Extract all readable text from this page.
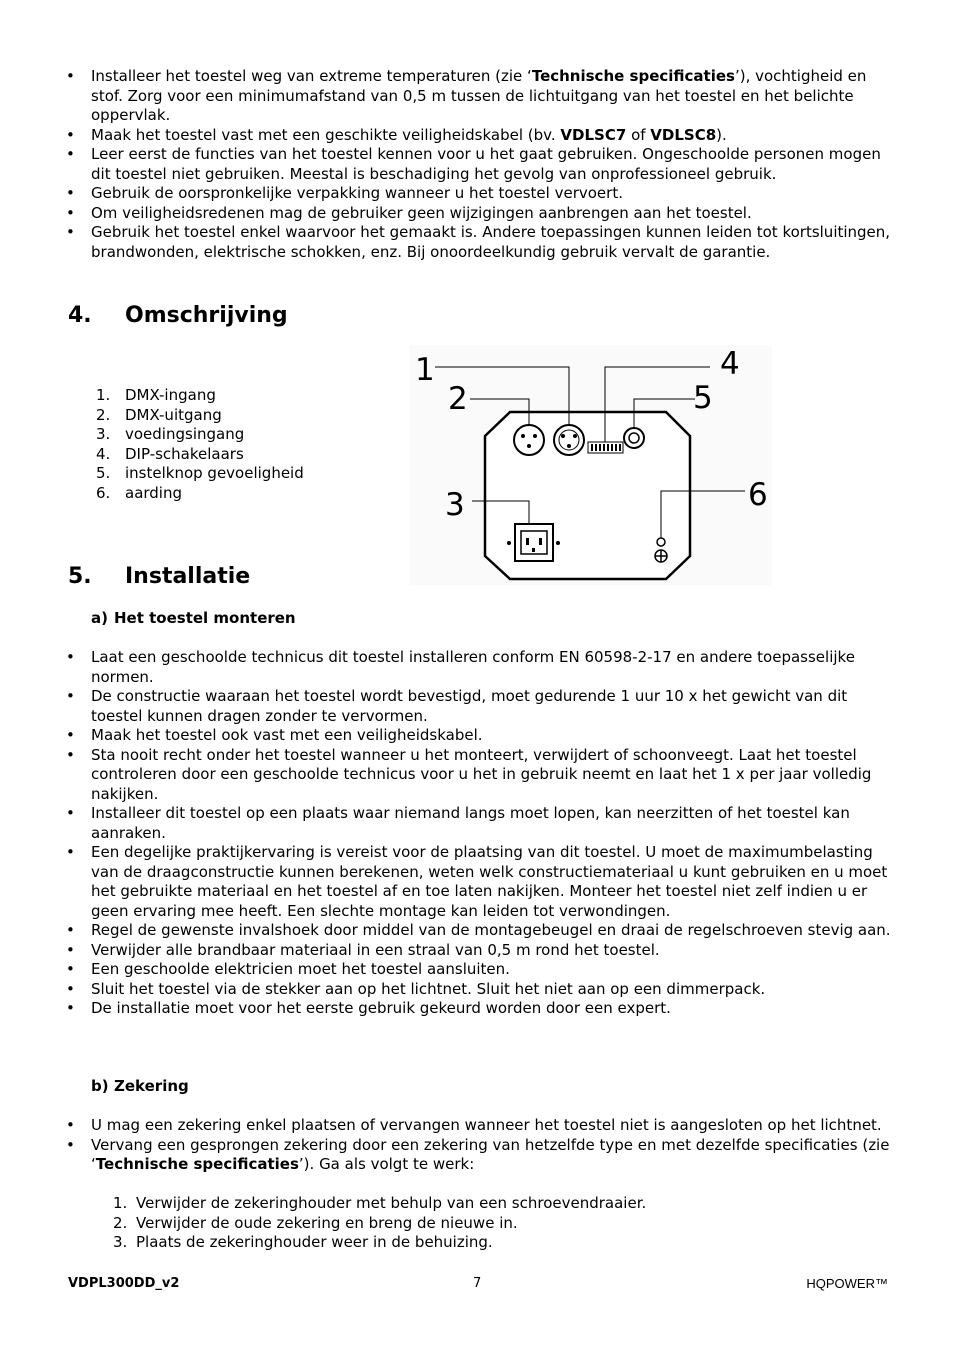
• Installeer het toestel weg van extreme temperaturen (zie ‘Technische specificaties’), vochtigheid en stof. Zorg voor een minimumafstand van 0,5 m tussen de lichtuitgang van het toestel en het belichte oppervlak.
• Maak het toestel vast met een geschikte veiligheidskabel (bv. VDLSC7 of VDLSC8).
• Leer eerst de functies van het toestel kennen voor u het gaat gebruiken. Ongeschoolde personen mogen dit toestel niet gebruiken. Meestal is beschadiging het gevolg van onprofessioneel gebruik.
• Gebruik de oorspronkelijke verpakking wanneer u het toestel vervoert.
• Om veiligheidsredenen mag de gebruiker geen wijzigingen aanbrengen aan het toestel.
• Gebruik het toestel enkel waarvoor het gemaakt is. Andere toepassingen kunnen leiden tot kortsluitingen, brandwonden, elektrische schokken, enz. Bij onoordeelkundig gebruik vervalt de garantie.
4. Omschrijving
1. DMX-ingang
2. DMX-uitgang
3. voedingsingang
4. DIP-schakelaars
5. instelknop gevoeligheid
6. aarding
1
2
3
4
5
6
5. Installatie
a) Het toestel monteren
• Laat een geschoolde technicus dit toestel installeren conform EN 60598-2-17 en andere toepasselijke normen.
• De constructie waaraan het toestel wordt bevestigd, moet gedurende 1 uur 10 x het gewicht van dit toestel kunnen dragen zonder te vervormen.
• Maak het toestel ook vast met een veiligheidskabel.
• Sta nooit recht onder het toestel wanneer u het monteert, verwijdert of schoonveegt. Laat het toestel controleren door een geschoolde technicus voor u het in gebruik neemt en laat het 1 x per jaar volledig nakijken.
• Installeer dit toestel op een plaats waar niemand langs moet lopen, kan neerzitten of het toestel kan aanraken.
• Een degelijke praktijkervaring is vereist voor de plaatsing van dit toestel. U moet de maximumbelasting van de draagconstructie kunnen berekenen, weten welk constructiemateriaal u kunt gebruiken en u moet het gebruikte materiaal en het toestel af en toe laten nakijken. Monteer het toestel niet zelf indien u er geen ervaring mee heeft. Een slechte montage kan leiden tot verwondingen.
• Regel de gewenste invalshoek door middel van de montagebeugel en draai de regelschroeven stevig aan.
• Verwijder alle brandbaar materiaal in een straal van 0,5 m rond het toestel.
• Een geschoolde elektricien moet het toestel aansluiten.
• Sluit het toestel via de stekker aan op het lichtnet. Sluit het niet aan op een dimmerpack.
• De installatie moet voor het eerste gebruik gekeurd worden door een expert.
b) Zekering
• U mag een zekering enkel plaatsen of vervangen wanneer het toestel niet is aangesloten op het lichtnet.
• Vervang een gesprongen zekering door een zekering van hetzelfde type en met dezelfde specificaties (zie ‘Technische specificaties’). Ga als volgt te werk:
1. Verwijder de zekeringhouder met behulp van een schroevendraaier.
2. Verwijder de oude zekering en breng de nieuwe in.
3. Plaats de zekeringhouder weer in de behuizing.
VDPL300DD_v2	7	HQPOWER™
